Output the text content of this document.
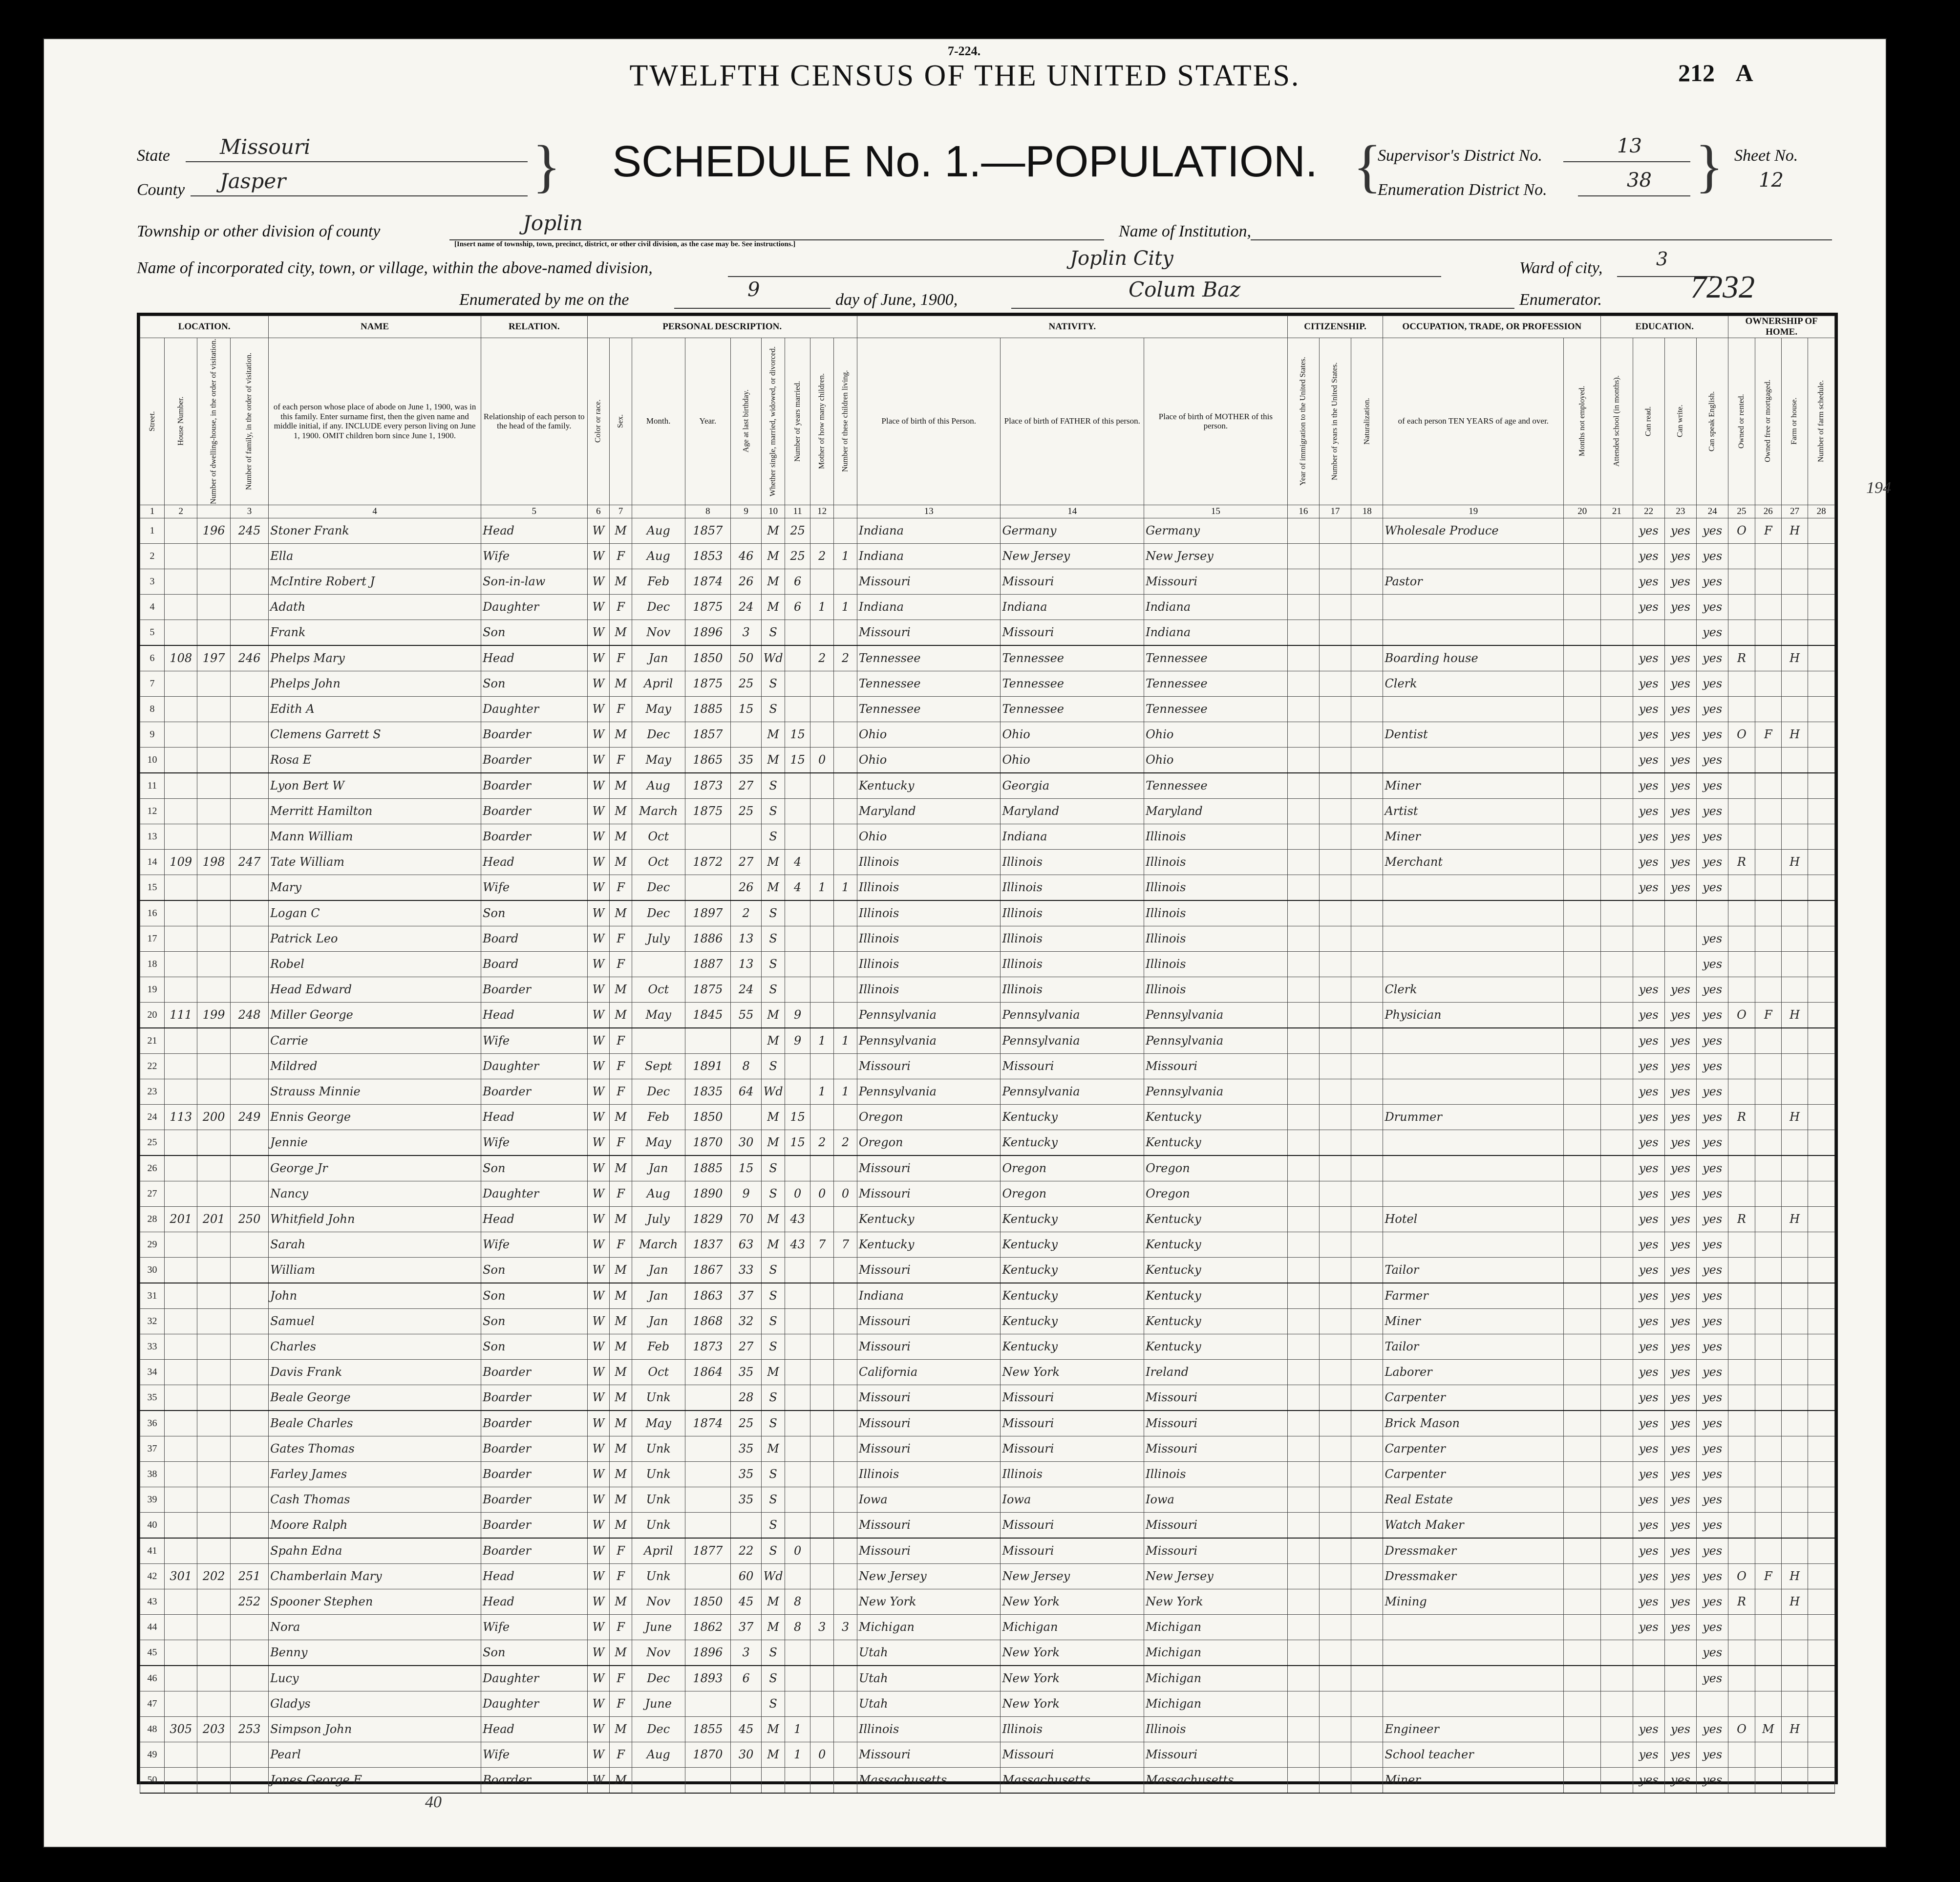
7-224.
TWELFTH CENSUS OF THE UNITED STATES.	212 A
State Missouri
County Jasper	}	SCHEDULE No. 1.—POPULATION. {
Supervisor's District No.	13
Enumeration District No.	38 } Sheet No.
12
Township or other division of county	Joplin
[Insert name of township, town, precinct, district, or other civil division, as the case may be. See instructions.]
Name of Institution,
Name of incorporated city, town, or village, within the above-named division,	Joplin City	Ward of city,	3
Enumerated by me on the	9	day of June, 1900,	Colum Baz	Enumerator.	7232
194
LOCATION.				NAME	RELATION.	PERSONAL DESCRIPTION.									NATIVITY.			CITIZENSHIP.			OCCUPATION, TRADE, OR PROFESSION		EDUCATION.				OWNERSHIP OF HOME.			
Street.	House Number.	Number of dwelling-house, in the order of visitation.	Number of family, in the order of visitation.	of each person whose place of abode on June 1, 1900, was in this family. Enter surname first, then the given name and middle initial, if any. INCLUDE every person living on June 1, 1900. OMIT children born since June 1, 1900.	Relationship of each person to the head of the family.	Color or race.	Sex.	Month.	Year.	Age at last birthday.	Whether single, married, widowed, or divorced.	Number of years married.	Mother of how many children.	Number of these children living.	Place of birth of this Person.	Place of birth of FATHER of this person.	Place of birth of MOTHER of this person.	Year of immigration to the United States.	Number of years in the United States.	Naturalization.	of each person TEN YEARS of age and over.	Months not employed.	Attended school (in months).	Can read.	Can write.	Can speak English.	Owned or rented.	Owned free or mortgaged.	Farm or house.	Number of farm schedule.
1	2		3	4	5	6	7		8	9	10	11	12		13	14	15	16	17	18	19	20	21	22	23	24	25	26	27	28
1		196	245	Stoner Frank	Head	W	M	Aug	1857		M	25			Indiana	Germany	Germany				Wholesale Produce			yes	yes	yes	O	F	H	
2				Ella	Wife	W	F	Aug	1853	46	M	25	2	1	Indiana	New Jersey	New Jersey							yes	yes	yes				
3				McIntire Robert J	Son-in-law	W	M	Feb	1874	26	M	6			Missouri	Missouri	Missouri				Pastor			yes	yes	yes				
4				Adath	Daughter	W	F	Dec	1875	24	M	6	1	1	Indiana	Indiana	Indiana							yes	yes	yes				
5				Frank	Son	W	M	Nov	1896	3	S				Missouri	Missouri	Indiana									yes				
6	108	197	246	Phelps Mary	Head	W	F	Jan	1850	50	Wd		2	2	Tennessee	Tennessee	Tennessee				Boarding house			yes	yes	yes	R		H	
7				Phelps John	Son	W	M	April	1875	25	S				Tennessee	Tennessee	Tennessee				Clerk			yes	yes	yes				
8				Edith A	Daughter	W	F	May	1885	15	S				Tennessee	Tennessee	Tennessee							yes	yes	yes				
9				Clemens Garrett S	Boarder	W	M	Dec	1857		M	15			Ohio	Ohio	Ohio				Dentist			yes	yes	yes	O	F	H	
10				Rosa E	Boarder	W	F	May	1865	35	M	15	0		Ohio	Ohio	Ohio							yes	yes	yes				
11				Lyon Bert W	Boarder	W	M	Aug	1873	27	S				Kentucky	Georgia	Tennessee				Miner			yes	yes	yes				
12				Merritt Hamilton	Boarder	W	M	March	1875	25	S				Maryland	Maryland	Maryland				Artist			yes	yes	yes				
13				Mann William	Boarder	W	M	Oct			S				Ohio	Indiana	Illinois				Miner			yes	yes	yes				
14	109	198	247	Tate William	Head	W	M	Oct	1872	27	M	4			Illinois	Illinois	Illinois				Merchant			yes	yes	yes	R		H	
15				Mary	Wife	W	F	Dec		26	M	4	1	1	Illinois	Illinois	Illinois							yes	yes	yes				
16				Logan C	Son	W	M	Dec	1897	2	S				Illinois	Illinois	Illinois													
17				Patrick Leo	Board	W	F	July	1886	13	S				Illinois	Illinois	Illinois									yes				
18				Robel	Board	W	F		1887	13	S				Illinois	Illinois	Illinois									yes				
19				Head Edward	Boarder	W	M	Oct	1875	24	S				Illinois	Illinois	Illinois				Clerk			yes	yes	yes				
20	111	199	248	Miller George	Head	W	M	May	1845	55	M	9			Pennsylvania	Pennsylvania	Pennsylvania				Physician			yes	yes	yes	O	F	H	
21				Carrie	Wife	W	F				M	9	1	1	Pennsylvania	Pennsylvania	Pennsylvania							yes	yes	yes				
22				Mildred	Daughter	W	F	Sept	1891	8	S				Missouri	Missouri	Missouri							yes	yes	yes				
23				Strauss Minnie	Boarder	W	F	Dec	1835	64	Wd		1	1	Pennsylvania	Pennsylvania	Pennsylvania							yes	yes	yes				
24	113	200	249	Ennis George	Head	W	M	Feb	1850		M	15			Oregon	Kentucky	Kentucky				Drummer			yes	yes	yes	R		H	
25				Jennie	Wife	W	F	May	1870	30	M	15	2	2	Oregon	Kentucky	Kentucky							yes	yes	yes				
26				George Jr	Son	W	M	Jan	1885	15	S				Missouri	Oregon	Oregon							yes	yes	yes				
27				Nancy	Daughter	W	F	Aug	1890	9	S	0	0	0	Missouri	Oregon	Oregon							yes	yes	yes				
28	201	201	250	Whitfield John	Head	W	M	July	1829	70	M	43			Kentucky	Kentucky	Kentucky				Hotel			yes	yes	yes	R		H	
29				Sarah	Wife	W	F	March	1837	63	M	43	7	7	Kentucky	Kentucky	Kentucky							yes	yes	yes				
30				William	Son	W	M	Jan	1867	33	S				Missouri	Kentucky	Kentucky				Tailor			yes	yes	yes				
31				John	Son	W	M	Jan	1863	37	S				Indiana	Kentucky	Kentucky				Farmer			yes	yes	yes				
32				Samuel	Son	W	M	Jan	1868	32	S				Missouri	Kentucky	Kentucky				Miner			yes	yes	yes				
33				Charles	Son	W	M	Feb	1873	27	S				Missouri	Kentucky	Kentucky				Tailor			yes	yes	yes				
34				Davis Frank	Boarder	W	M	Oct	1864	35	M				California	New York	Ireland				Laborer			yes	yes	yes				
35				Beale George	Boarder	W	M	Unk		28	S				Missouri	Missouri	Missouri				Carpenter			yes	yes	yes				
36				Beale Charles	Boarder	W	M	May	1874	25	S				Missouri	Missouri	Missouri				Brick Mason			yes	yes	yes				
37				Gates Thomas	Boarder	W	M	Unk		35	M				Missouri	Missouri	Missouri				Carpenter			yes	yes	yes				
38				Farley James	Boarder	W	M	Unk		35	S				Illinois	Illinois	Illinois				Carpenter			yes	yes	yes				
39				Cash Thomas	Boarder	W	M	Unk		35	S				Iowa	Iowa	Iowa				Real Estate			yes	yes	yes				
40				Moore Ralph	Boarder	W	M	Unk			S				Missouri	Missouri	Missouri				Watch Maker			yes	yes	yes				
41				Spahn Edna	Boarder	W	F	April	1877	22	S	0			Missouri	Missouri	Missouri				Dressmaker			yes	yes	yes				
42	301	202	251	Chamberlain Mary	Head	W	F	Unk		60	Wd				New Jersey	New Jersey	New Jersey				Dressmaker			yes	yes	yes	O	F	H	
43			252	Spooner Stephen	Head	W	M	Nov	1850	45	M	8			New York	New York	New York				Mining			yes	yes	yes	R		H	
44				Nora	Wife	W	F	June	1862	37	M	8	3	3	Michigan	Michigan	Michigan							yes	yes	yes				
45				Benny	Son	W	M	Nov	1896	3	S				Utah	New York	Michigan									yes				
46				Lucy	Daughter	W	F	Dec	1893	6	S				Utah	New York	Michigan									yes				
47				Gladys	Daughter	W	F	June			S				Utah	New York	Michigan													
48	305	203	253	Simpson John	Head	W	M	Dec	1855	45	M	1			Illinois	Illinois	Illinois				Engineer			yes	yes	yes	O	M	H	
49				Pearl	Wife	W	F	Aug	1870	30	M	1	0		Missouri	Missouri	Missouri				School teacher			yes	yes	yes				
50				Jones George F	Boarder	W	M								Massachusetts	Massachusetts	Massachusetts				Miner			yes	yes	yes				
40
